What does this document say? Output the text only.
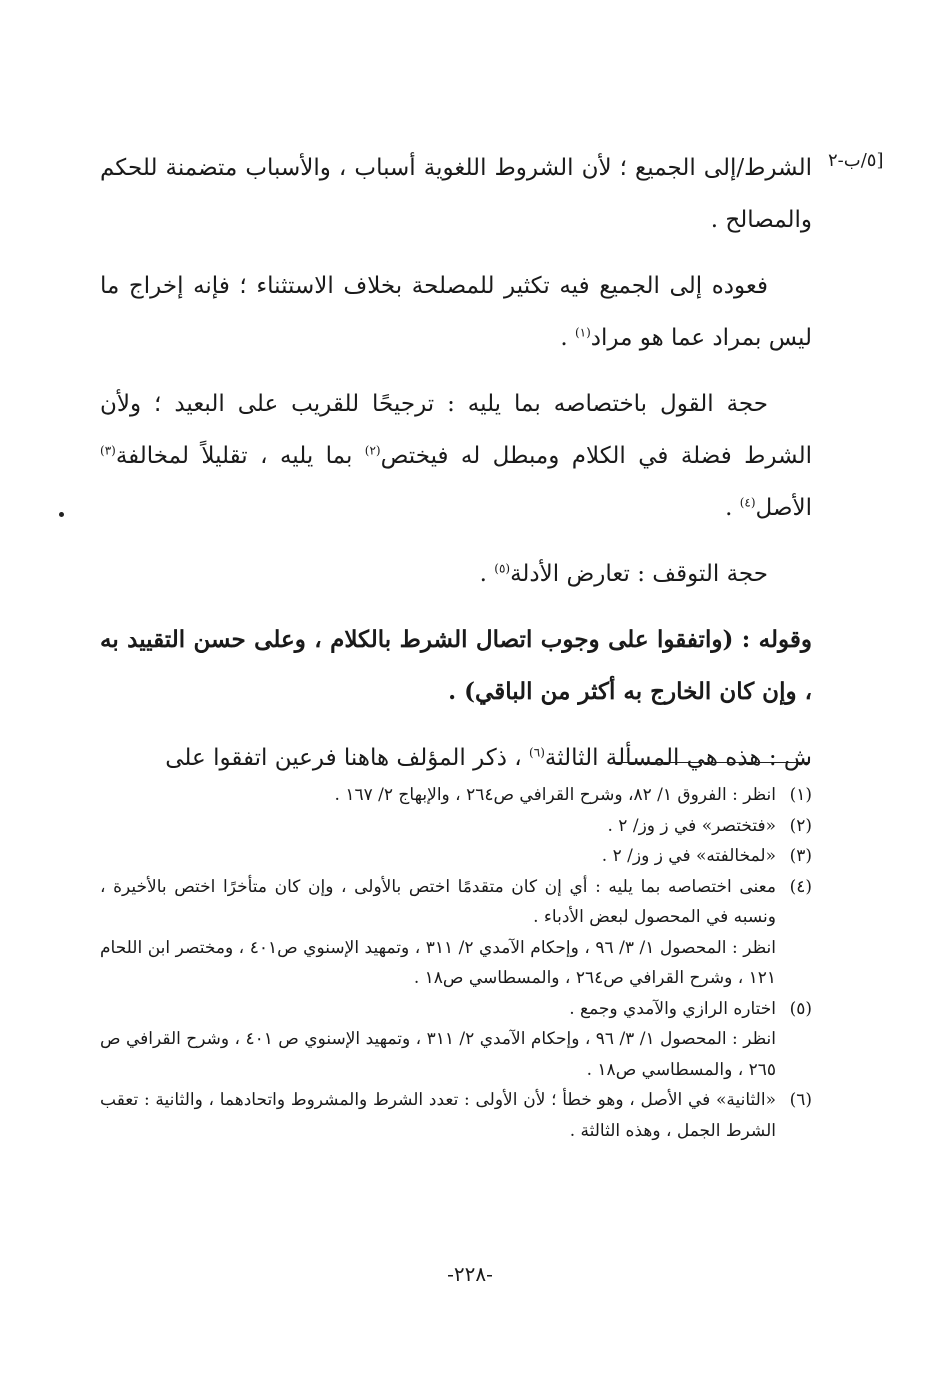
[٥/ب-٢

الشرط/إلى الجميع ؛ لأن الشروط اللغوية أسباب ، والأسباب متضمنة للحكم والمصالح .

فعوده إلى الجميع فيه تكثير للمصلحة بخلاف الاستثناء ؛ فإنه إخراج ما ليس بمراد عما هو مراد$^{(١)}$ .

حجة القول باختصاصه بما يليه : ترجيحًا للقريب على البعيد ؛ ولأن الشرط فضلة في الكلام ومبطل له فيختص$^{(٢)}$ بما يليه ، تقليلاً لمخالفة$^{(٣)}$ الأصل$^{(٤)}$ .

حجة التوقف : تعارض الأدلة$^{(٥)}$ .

وقوله : (واتفقوا على وجوب اتصال الشرط بالكلام ، وعلى حسن التقييد به ، وإن كان الخارج به أكثر من الباقي) .

ش : هذه هي المسألة الثالثة$^{(٦)}$ ، ذكر المؤلف هاهنا فرعين اتفقوا على

(١)
انظر : الفروق ١/ ٨٢، وشرح القرافي ص٢٦٤ ، والإبهاج ٢/ ١٦٧ .
(٢)
«فتختصر» في ز وز/ ٢ .
(٣)
«لمخالفته» في ز وز/ ٢ .
(٤)
معنى اختصاصه بما يليه : أي إن كان متقدمًا اختص بالأولى ، وإن كان متأخرًا اختص بالأخيرة ، ونسبه في المحصول لبعض الأدباء .
انظر : المحصول ١/ ٣/ ٩٦ ، وإحكام الآمدي ٢/ ٣١١ ، وتمهيد الإسنوي ص٤٠١ ، ومختصر ابن اللحام ١٢١ ، وشرح القرافي ص٢٦٤ ، والمسطاسي ص١٨ .
(٥)
اختاره الرازي والآمدي وجمع .
انظر : المحصول ١/ ٣/ ٩٦ ، وإحكام الآمدي ٢/ ٣١١ ، وتمهيد الإسنوي ص ٤٠١ ، وشرح القرافي ص ٢٦٥ ، والمسطاسي ص١٨ .
(٦)
«الثانية» في الأصل ، وهو خطأ ؛ لأن الأولى : تعدد الشرط والمشروط واتحادهما ، والثانية : تعقب الشرط الجمل ، وهذه الثالثة .
-٢٢٨-
